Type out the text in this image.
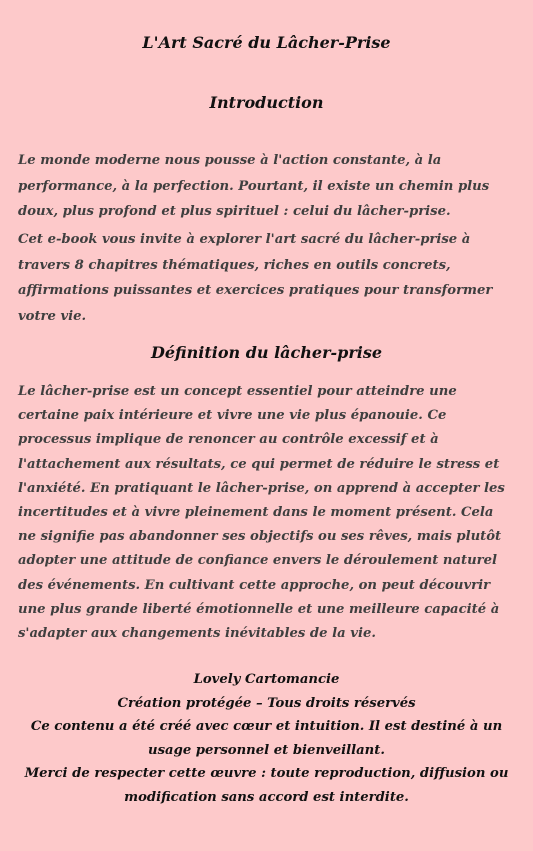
L'Art Sacré du Lâcher-Prise
Introduction

Le monde moderne nous pousse à l'action constante, à la performance, à la perfection. Pourtant, il existe un chemin plus doux, plus profond et plus spirituel : celui du lâcher-prise.

Cet e-book vous invite à explorer l'art sacré du lâcher-prise à travers 8 chapitres thématiques, riches en outils concrets, affirmations puissantes et exercices pratiques pour transformer votre vie.

Définition du lâcher-prise

Le lâcher-prise est un concept essentiel pour atteindre une certaine paix intérieure et vivre une vie plus épanouie. Ce processus implique de renoncer au contrôle excessif et à l'attachement aux résultats, ce qui permet de réduire le stress et l'anxiété. En pratiquant le lâcher-prise, on apprend à accepter les incertitudes et à vivre pleinement dans le moment présent. Cela ne signifie pas abandonner ses objectifs ou ses rêves, mais plutôt adopter une attitude de confiance envers le déroulement naturel des événements. En cultivant cette approche, on peut découvrir une plus grande liberté émotionnelle et une meilleure capacité à s'adapter aux changements inévitables de la vie.

Lovely Cartomancie
Création protégée – Tous droits réservés
Ce contenu a été créé avec cœur et intuition. Il est destiné à un usage personnel et bienveillant.
Merci de respecter cette œuvre : toute reproduction, diffusion ou modification sans accord est interdite.
